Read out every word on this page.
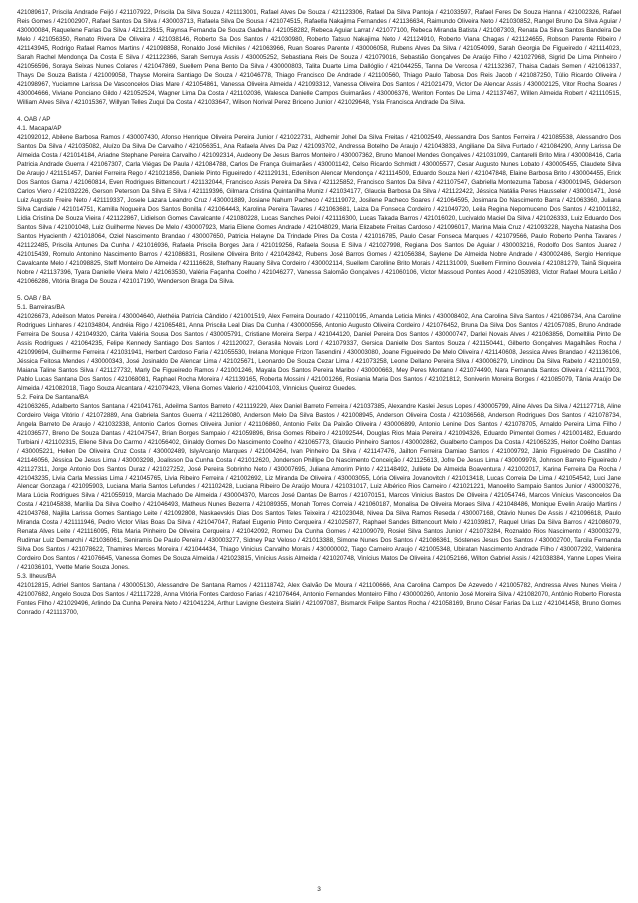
421089617, Priscila Andrade Feijó / 421107922, Priscila Da Silva Souza / 421113001, Rafael Alves De Souza / 421123306, Rafael Da Silva Pantoja / 421033597, Rafael Feres De Souza Hanna / 421002326, Rafael Reis Gomes / 421002907, Rafael Santos Da Silva / 430003713, Rafaela Silva De Sousa / 421074515, Rafaella Nakajima Fernandes / 421136634, Raimundo Oliveira Neto / 421030852, Rangel Bruno Da Silva Aguiar / 430000084, Raquelene Farias Da Silva / 421123615, Raynsa Fernanda De Souza Gadelha / 421058282, Rebeca Aguiar Larrat / 421077100, Rebeca Miranda Batista / 421087303, Renata Da Silva Santos Bandeira De Melo / 421056350, Renato Rivera De Oliveira / 421038146, Roberto Sa Dos Santos / 421030980, Roberto Tatsuo Nakajima Neto / 421124910, Roberto Viana Chagas / 421124655, Robson Parente Ribeiro / 421143945, Rodrigo Rafael Ramos Martins / 421098858, Ronaldo José Michiles / 421063966, Ruan Soares Parente / 430006058, Rubens Alves Da Silva / 421054099, Sarah Georgia De Figueiredo / 421114023, Sarah Rachel Mendonça Da Costa E Silva / 421122366, Sarah Serruya Assis / 430005252, Sebastiana Reis De Souza / 421079016, Sebastião Gonçalves De Araújo Filho / 421027968, Sigrid De Lima Pinheiro / 421056596, Soraya Seixas Nunes Colares / 421047869, Suellem Pena Bento Da Silva / 430000803, Talita Duarte Lima Dallóglio / 421044255, Tanna De Vercosa / 421132367, Thaisa Cadais Semen / 421061337, Thays De Souza Batista / 421009058, Thayse Moreira Santiago De Souza / 421046778, Thiago Francisco De Andrade / 421100560, Thiago Paulo Tabosa Dos Reis Jacob / 421087250, Túlio Ricardo Oliveira / 421098967, Yuciamne Larissa De Vasconcelos Dias Mare / 421054861, Vanessa Oliveira Almeida / 421093312, Vanessa Oliveira Dos Santos / 421021479, Victor De Alencar Assis / 430002125, Vitor Rocha Soares / 430004666, Viviane Ponciano Gildo / 421052524, Wagner Lima Da Costa / 421102036, Walesca Danielle Campos Guimarães / 430006376, Weriton Fontes De Lima / 421137467, Willen Almeida Robert / 421110515, William Alves Silva / 421015367, Willyan Telles Zuqui Da Costa / 421033647, Wilson Norival Perez Briceno Junior / 421029648, Ysla Francisca Andrade Da Silva.

4. OAB / AP

4.1. Macapa/AP

421092012, Abilene Barbosa Ramos / 430007430, Afonso Henrique Oliveira Pereira Junior / 421022731, Aldhemir Johel Da Silva Freitas / 421002549, Alessandra Dos Santos Ferreira / 421085538, Alessandro Dos Santos Da Silva / 421035082, Aluízo Da Silva De Carvalho / 421056351, Ana Rafaela Alves Da Paz / 421093702, Andressa Botelho De Araujo / 421043833, Angiliane Da Silva Furtado / 421084290, Anny Larissa De Almeida Costa / 421014184, Ariadne Stephane Pereira Carvalho / 421092314, Audeony De Jesus Barros Monteiro / 430007362, Bruno Manoel Mendes Gonçalves / 421031099, Cantarelli Brito Mira / 430008416, Carla Patricia Andrade Guerra / 421067307, Carla Viégas De Paula / 421084788, Carlos De França Guimarães / 430001142, Celso Ricardo Schmidt / 430005577, Cesar Augusto Nunes Lobato / 430005455, Claudete Silva De Araujo / 421151457, Daniel Ferreira Rego / 421021856, Daniele Pinto Figueiredo / 421129131, Edenilson Alencar Mendonça / 421114509, Eduardo Souza Neri / 421047848, Elaine Barbosa Brito / 430004455, Erick Dos Santos Gama / 421060814, Even Rodrigues Bittencourt / 421132044, Francisco Assis Pereira Da Silva / 421125852, Francisco Santos Da Silva / 421107547, Gabriella Montezuma Tabosa / 430001945, Géderson Carlos Viero / 421032226, Gerson Peterson Da Silva E Silva / 421119396, Gilmara Cristina Quintanilha Muniz / 421034177, Glaucia Barbosa Da Silva / 421122422, Jéssica Natália Peres Hausseler / 430001471, José Luiz Augusto Freire Neto / 421119337, Josele Lazara Leandro Cruz / 430001889, Josiane Nahum Pacheco / 421119072, Josilene Pacheco Soares / 421064595, Josimara Do Nascimento Barra / 421063360, Juliana Silva Cardiale / 421014751, Kamilla Nogueira Dos Santos Bonilla / 421064443, Karolina Pereira Tavares / 421063681, Laiza Da Fonseca Cordeiro / 421049720, Leila Regina Nepomuceno Dos Santos / 421001182, Lídia Cristina De Souza Vieira / 421122867, Lidielson Gomes Cavalcante / 421080228, Lucas Sanches Peloi / 421116300, Lucas Takada Barros / 421016020, Lucivaldo Maciel Da Silva / 421026333, Luiz Eduardo Dos Santos Silva / 421001048, Luiz Guilherme Neves De Melo / 430007923, Maria Eliene Gomes Andrade / 421048029, Maria Elizabete Freitas Cardoso / 421096017, Marina Maia Cruz / 421093228, Naycha Natasha Dos Santos Hyacienth / 421018064, Oziel Nascimento Brandao / 430007650, Patricia Helayne Da Trindade Pires Da Costa / 421016785, Paulo Cesar Fonseca Marques / 421079566, Paulo Roberto Penha Tavares / 421122485, Priscila Antunes Da Cunha / 421016936, Rafaela Priscila Borges Jara / 421019256, Rafaela Sousa E Silva / 421027998, Regiana Dos Santos De Aguiar / 430003216, Rodolfo Dos Santos Juarez / 421015439, Romulo Antonino Nascimento Barros / 421086831, Rosilene Oliveira Brito / 421042842, Rubens José Barros Gomes / 421056384, Saylene De Almeida Nobre Andrade / 430002486, Sergio Henrique Cavalcante Melo / 421098825, Steff Monteiro De Almeida / 421116628, Stefhany Rauany Silva Cordeiro / 430002114, Suellem Carolline Brito Morais / 421131009, Suellem Firmino Gouveia / 421081279, Tainã Siqueira Nobre / 421137396, Tyara Danielle Vieira Melo / 421063530, Valéria Façanha Coelho / 421046277, Vanessa Salomão Gonçalves / 421060106, Victor Massoud Pontes Aood / 421053983, Victor Rafael Moura Leitão / 421066286, Vitória Braga De Souza / 421017190, Wenderson Braga Da Silva.

5. OAB / BA

5.1. Barreiras/BA

421026673, Adeilson Matos Pereira / 430004640, Alethéia Patrícia Cândido / 421001519, Alex Ferreira Dourado / 421100195, Amanda Leticia Minks / 430008402, Ana Carolina Silva Santos / 421086734, Ana Caroline Rodrigues Linhares / 421034804, Andréia Rigo / 421065481, Anna Priscila Leal Dias Da Cunha / 430000556, Antonio Augusto Oliveira Cordeiro / 421076452, Bruna Da Silva Dos Santos / 421057085, Bruno Andrade Ferreira De Sousa / 421049320, Cárita Valéria Sousa Dos Santos / 430005791, Cristiane Moreira Serpa / 421044120, Daniel Pereira Dos Santos / 430000747, Darlei Novais Alves / 421063856, Domeltilia Pinto De Assis Rodrigues / 421064235, Felipe Kennedy Santiago Dos Santos / 421120027, Gerasila Novais Lord / 421079337, Gersica Danielle Dos Santos Souza / 421150441, Gilberto Gonçalves Magalhães Rocha / 421099694, Guilherme Ferreira / 421031941, Herbert Cardoso Faria / 421055530, Irelana Monique Frizon Tasendini / 430003080, Joane Figueiredo De Melo Oliveira / 421140608, Jessica Alves Brandao / 421136106, Jéssica Feitosa Mendes / 430000343, José Josinaldo De Alencar Lima / 421025671, Leonardo De Souza Cezar Lima / 421073258, Leone Dellano Pereira Silva / 430006279, Lindinou Da Silva Rabelo / 421100159, Maiana Taline Santos Silva / 421127732, Marly De Figueiredo Ramos / 421001246, Mayala Dos Santos Pereira Maribo / 430000663, Mey Peres Montano / 421074490, Nara Fernanda Santos Oliveira / 421117903, Pablo Lucas Santana Dos Santos / 421068081, Raphael Rocha Moreira / 421139165, Roberta Mossini / 421001266, Rosiania Maria Dos Santos / 421021812, Soniverin Moreira Borges / 421085079, Tânia Araújo De Almeida / 421082018, Tiago Souza Alcantara / 421079423, Vilena Gomes Valerio / 421004103, Vinnicius Queiroz Guedes.

5.2. Feira De Santana/BA

421063265, Adalberto Santos Santana / 421041761, Adeilma Santos Barreto / 421119229, Alex Daniel Barreto Ferreira / 421037385, Alexandre Kaslei Jesus Lopes / 430005799, Aline Alves Da Silva / 421127718, Aline Cordeiro Veiga Vitório / 421072889, Ana Gabriela Santos Guerra / 421126080, Anderson Melo Da Silva Bastos / 421008945, Anderson Oliveira Costa / 421036568, Anderson Rodrigues Dos Santos / 421078734, Angela Barreto De Araujo / 421032338, Antonio Carlos Gomes Oliveira Junior / 421106860, Antonio Felix Da Paixão Oliveira / 430006899, Antonio Lenine Dos Santos / 421078705, Arnaldo Pereira Lima Filho / 421036577, Breno De Souza Dantas / 421047547, Brian Borges Sampaio / 421059896, Brisa Gomes Ribeiro / 421092544, Douglas Rios Maia Pereira / 421094326, Eduardo Pimentel Gomes / 421001482, Eduardo Turbiani / 421102315, Eliene Silva Do Carmo / 421056402, Ginaldy Gomes Do Nascimento Coelho / 421065773, Glaucio Pinheiro Santos / 430002862, Gualberto Campos Da Costa / 421065235, Heitor Coêlho Dantas / 430005221, Hellen De Oliveira Cruz Costa / 430002489, IslyArcanjo Marques / 421004264, Ivan Pinheiro Da Silva / 421147476, Jailton Ferreira Damiao Santos / 421009792, Jânio Figueiredo De Castilho / 421146056, Jéssica De Jesus Lima / 430003298, Joalisson Da Cunha Costa / 421012620, Jonderson Phillipe Do Nascimento Conceição / 421125613, Jofre De Jesus Lima / 430009978, Johnson Barreto Figueiredo / 421127311, Jorge Antonio Dos Santos Duraz / 421027252, José Pereira Sobrinho Neto / 430007695, Juliana Amorim Pinto / 421148492, Julliete De Almeida Boaventura / 421002017, Karina Ferreira Da Rocha / 421043235, Livia Carla Messias Lima / 421045765, Livia Ribeiro Ferreira / 421002692, Liz Miranda De Oliveira / 430003055, Lória Oliveira Jovanovitch / 421013418, Lucas Correia De Lima / 421054542, Luci Jane Alencar Gonzaga / 421095903, Luciana Maria Santos Lefundes / 421102428, Luciana Ribeiro De Araújo Moura / 421031017, Luiz Albérico Rios Carneiro / 421021221, Manoelito Sampaio Santos Junior / 430003276, Mara Lúcia Rodrigues Silva / 421055919, Marcia Machado De Almeida / 430004370, Marcos José Dantas De Barros / 421070151, Marcos Vinicius Bastos De Oliveira / 421054746, Marcos Vinícius Vasconcelos Da Costa / 421045838, Marília Da Silva Coelho / 421046493, Matheus Nunes Bezerra / 421089355, Monah Torres Correia / 421060187, Monalisa De Oliveira Moraes Silva / 421048486, Monique Evelin Araújo Martins / 421043768, Najilla Larissa Gomes Santiago Leite / 421092808, Naskaevskis Dias Dos Santos Teles Teixeira / 421023048, Nivea Da Silva Ramos Reseda / 430007168, Otávio Nunes De Assis / 421096618, Paulo Miranda Costa / 421111946, Pedro Victor Vilas Boas Da Silva / 421047047, Rafael Eugenio Pinto Cerqueira / 421025877, Raphael Sandes Bittencourt Melo / 421039817, Raquel Urias Da Silva Barros / 421086079, Renata Alves Leite / 421116095, Rita Maria Pinheiro De Oliveira Cerqueira / 421042092, Romeu Da Cunha Gomes / 421009079, Rosiel Silva Santos Junior / 421073284, Roznaldo Rios Nascimento / 430003279, Rudimar Luiz Demarchi / 421036061, Seniramis De Paulo Pereira / 430003277, Sidney Paz Veloso / 421013388, Simone Nunes Dos Santos / 421086361, Sóstenes Jesus Dos Santos / 430002700, Tarcila Fernanda Silva Dos Santos / 421078622, Thamires Merces Moreira / 421044434, Thiago Vinicius Carvalho Morais / 430000002, Tiago Carneiro Araujo / 421005348, Ubiratan Nascimento Andrade Filho / 430007292, Valdenira Cordeiro Dos Santos / 421076645, Vanessa Gomes De Souza Almeida / 421023815, Vinícius Assis Almeida / 421020748, Vinícius Matos De Oliveira / 421052166, Wilton Gabriel Assis / 421038384, Yanne Lopes Vieira / 421036101, Yvette Marie Souza Jones.

5.3. Ilheus/BA

421012815, Adriel Santos Santana / 430005130, Alessandre De Santana Ramos / 421118742, Alex Galvão De Moura / 421100666, Ana Carolina Campos De Azevedo / 421005782, Andressa Alves Nunes Vieira / 421007682, Angelo Souza Dos Santos / 421117228, Anna Vitória Fontes Cardoso Farias / 421076464, Antonio Fernandes Monteiro Filho / 430000260, Antonio José Moreira Silva / 421082070, Antônio Roberto Floresta Fontes Filho / 421029496, Arlindo Da Cunha Pereira Neto / 421041224, Arthur Lavigne Gesteira Sialiri / 421097087, Bismarck Felipe Santos Rocha / 421058169, Bruno César Farias Da Luz / 421041458, Bruno Gomes Conrado / 421113700,

3
